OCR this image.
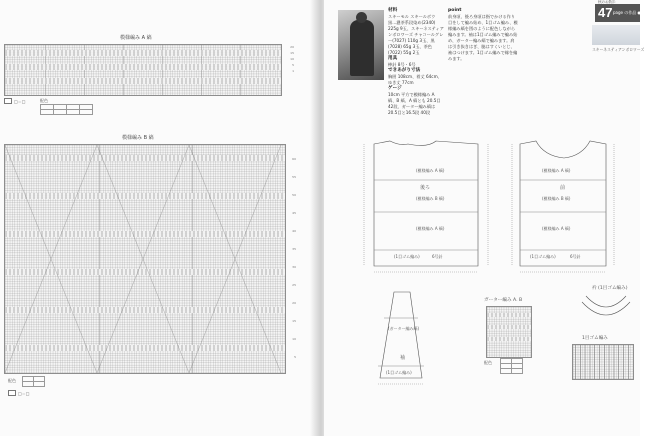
模様編み A 縞
20
15
10
5
1
□＝□	配色

模様編み B 縞
60
55
50
45
40
35
30
25
20
15
10
5
配色

□＝□

材料

スキーモル スキールボウ 黒…濃茶系段染め(2340) 225g 9玉、スキーネスティアンボロワーズ チャコールグレー(7027) 110g 3玉、黒(7028) 65g 3玉、茶色(7022) 55g 2玉

用具

棒針 8号・6号

できあがり寸法

胸囲 108cm、着丈 64cm、ゆき丈 77cm

ゲージ

10cm 平方で模様編み A 縞、B 縞、A 縞とも 20.5目 42段、ガーター編み縞は 20.5目と16.5段 40段

point

前身頃、後ろ身頃は指でかける作り目をして編み始め、1目ゴム編み、模様編み縞を図のように配色しながら編みます。袖は1目ゴム編みで編み始め、ガーター編み縞で編みます。肩は引き抜きはぎ、脇はすくいとじ、袖はつけます。1目ゴム編みで縁を編みます。

秋のお散歩
47 page の作品 ●●
スキーネスティアンボロワーズ
(模様編み A 縞)
後ろ
(模様編み B 縞)
(模様編み A 縞)
(1目ゴム編み)	6号針
(模様編み A 縞)
前
(模様編み B 縞)
(模様編み A 縞)
(1目ゴム編み)	6号針
(ガーター編み縞)
袖
(1目ゴム編み)
ガーター編み A. B
配色

衿 (1目ゴム編み)
1目ゴム編み
